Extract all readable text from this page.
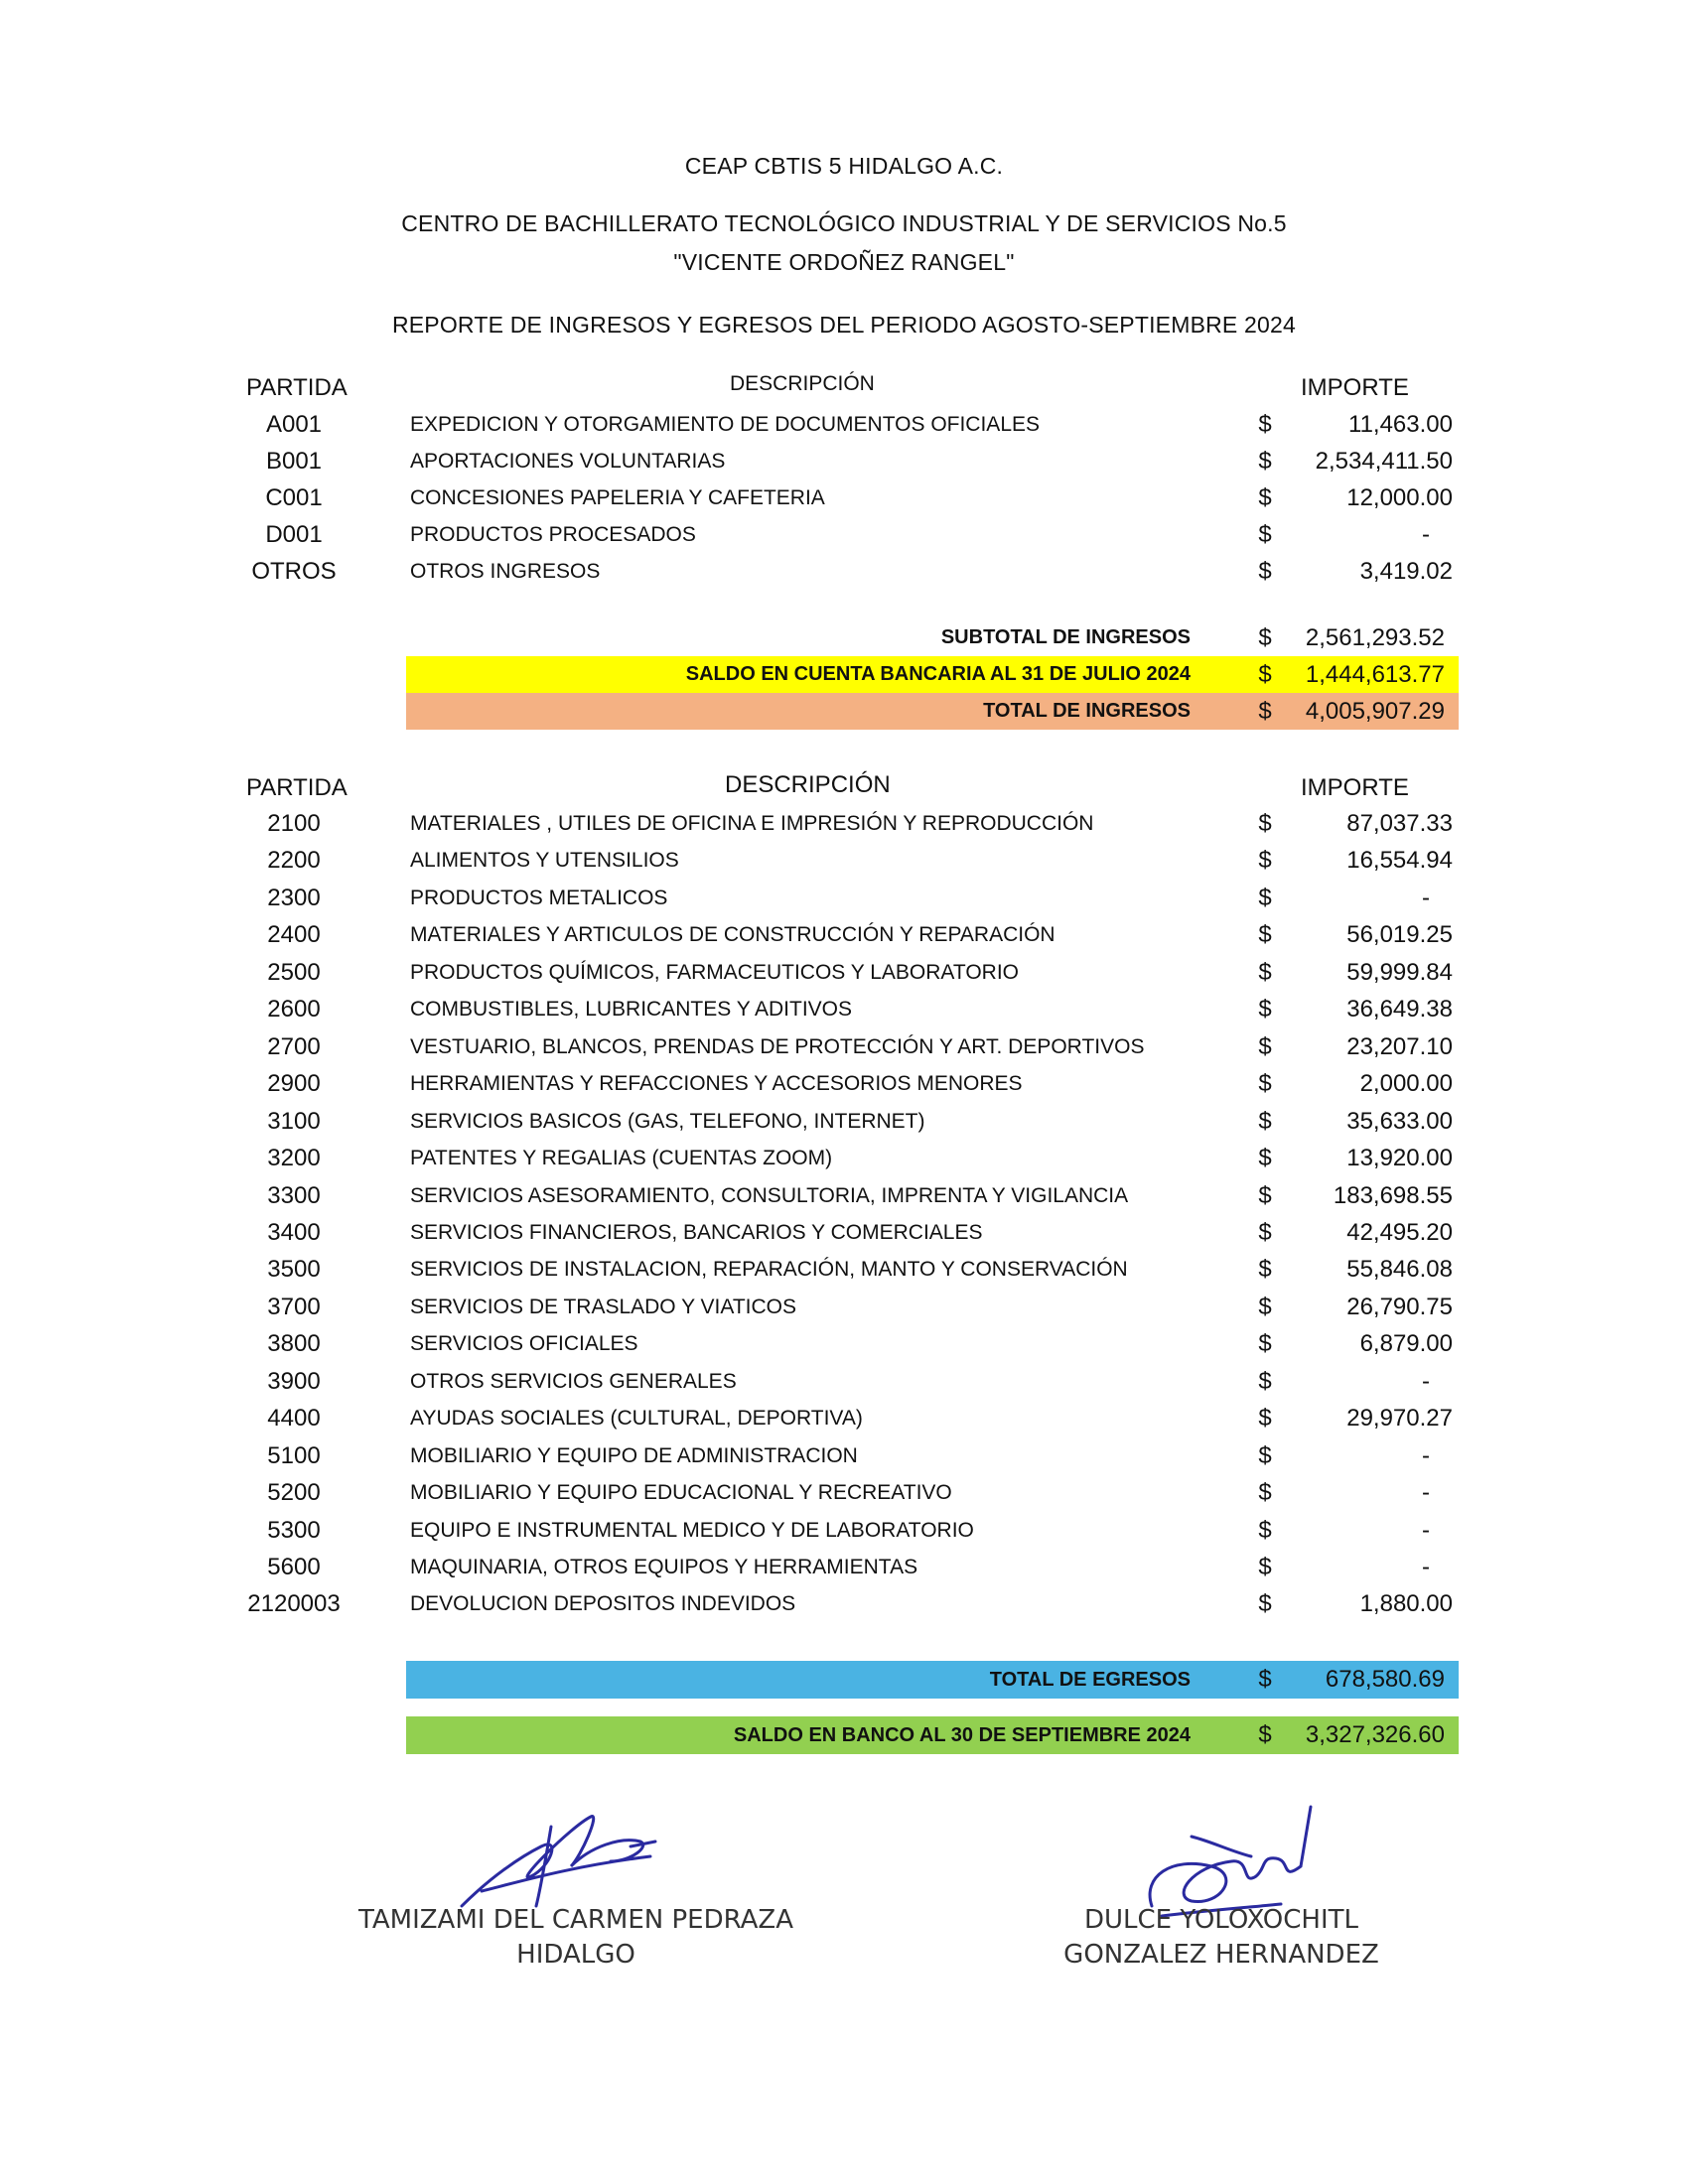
CEAP CBTIS 5 HIDALGO A.C.
CENTRO DE BACHILLERATO TECNOLÓGICO INDUSTRIAL Y DE SERVICIOS No.5
"VICENTE ORDOÑEZ RANGEL"
REPORTE DE INGRESOS Y EGRESOS DEL PERIODO AGOSTO-SEPTIEMBRE 2024
PARTIDA	DESCRIPCIÓN	IMPORTE
A001	EXPEDICION Y OTORGAMIENTO DE DOCUMENTOS OFICIALES	$	11,463.00
B001	APORTACIONES VOLUNTARIAS	$ 2,534,411.50
C001	CONCESIONES PAPELERIA Y CAFETERIA	$	12,000.00
D001	PRODUCTOS PROCESADOS	$	-
OTROS	OTROS INGRESOS	$	3,419.02
SUBTOTAL DE INGRESOS	$ 2,561,293.52
SALDO EN CUENTA BANCARIA AL 31 DE JULIO 2024	$ 1,444,613.77
TOTAL DE INGRESOS	$ 4,005,907.29
PARTIDA	DESCRIPCIÓN	IMPORTE
2100	MATERIALES , UTILES DE OFICINA E IMPRESIÓN Y REPRODUCCIÓN	$	87,037.33
2200	ALIMENTOS Y UTENSILIOS	$	16,554.94
2300	PRODUCTOS METALICOS	$	-
2400	MATERIALES Y ARTICULOS DE CONSTRUCCIÓN Y REPARACIÓN	$	56,019.25
2500	PRODUCTOS QUÍMICOS, FARMACEUTICOS Y LABORATORIO	$	59,999.84
2600	COMBUSTIBLES, LUBRICANTES Y ADITIVOS	$	36,649.38
2700	VESTUARIO, BLANCOS, PRENDAS DE PROTECCIÓN Y ART. DEPORTIVOS	$	23,207.10
2900	HERRAMIENTAS Y REFACCIONES Y ACCESORIOS MENORES	$	2,000.00
3100	SERVICIOS BASICOS (GAS, TELEFONO, INTERNET)	$	35,633.00
3200	PATENTES Y REGALIAS (CUENTAS ZOOM)	$	13,920.00
3300	SERVICIOS ASESORAMIENTO, CONSULTORIA, IMPRENTA Y VIGILANCIA	$	183,698.55
3400	SERVICIOS FINANCIEROS, BANCARIOS Y COMERCIALES	$	42,495.20
3500	SERVICIOS DE INSTALACION, REPARACIÓN, MANTO Y CONSERVACIÓN	$	55,846.08
3700	SERVICIOS DE TRASLADO Y VIATICOS	$	26,790.75
3800	SERVICIOS OFICIALES	$	6,879.00
3900	OTROS SERVICIOS GENERALES	$	-
4400	AYUDAS SOCIALES (CULTURAL, DEPORTIVA)	$	29,970.27
5100	MOBILIARIO Y EQUIPO DE ADMINISTRACION	$	-
5200	MOBILIARIO Y EQUIPO EDUCACIONAL Y RECREATIVO	$	-
5300	EQUIPO E INSTRUMENTAL MEDICO Y DE LABORATORIO	$	-
5600	MAQUINARIA, OTROS EQUIPOS Y HERRAMIENTAS	$	-
2120003	DEVOLUCION DEPOSITOS INDEVIDOS	$	1,880.00
TOTAL DE EGRESOS	$ 678,580.69
SALDO EN BANCO AL 30 DE SEPTIEMBRE 2024	$ 3,327,326.60
TAMIZAMI DEL CARMEN PEDRAZA
HIDALGO
DULCE YOLOXOCHITL
GONZALEZ HERNANDEZ
